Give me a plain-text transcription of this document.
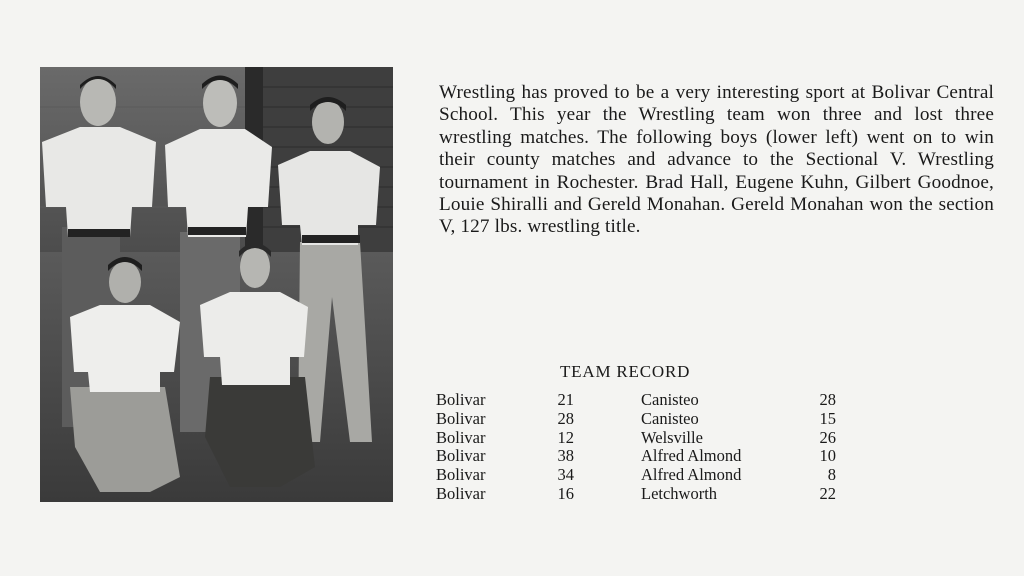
Wrestling has proved to be a very interesting sport at Bolivar Central School. This year the Wrestling team won three and lost three wrestling matches. The following boys (lower left) went on to win their county matches and advance to the Sectional V. Wrestling tournament in Rochester. Brad Hall, Eugene Kuhn, Gilbert Goodnoe, Louie Shiralli and Gereld Monahan. Gereld Monahan won the section V, 127 lbs. wrestling title.

TEAM RECORD
Bolivar	21	Canisteo	28
Bolivar	28	Canisteo	15
Bolivar	12	Welsville	26
Bolivar	38	Alfred Almond	10
Bolivar	34	Alfred Almond	8
Bolivar	16	Letchworth	22
